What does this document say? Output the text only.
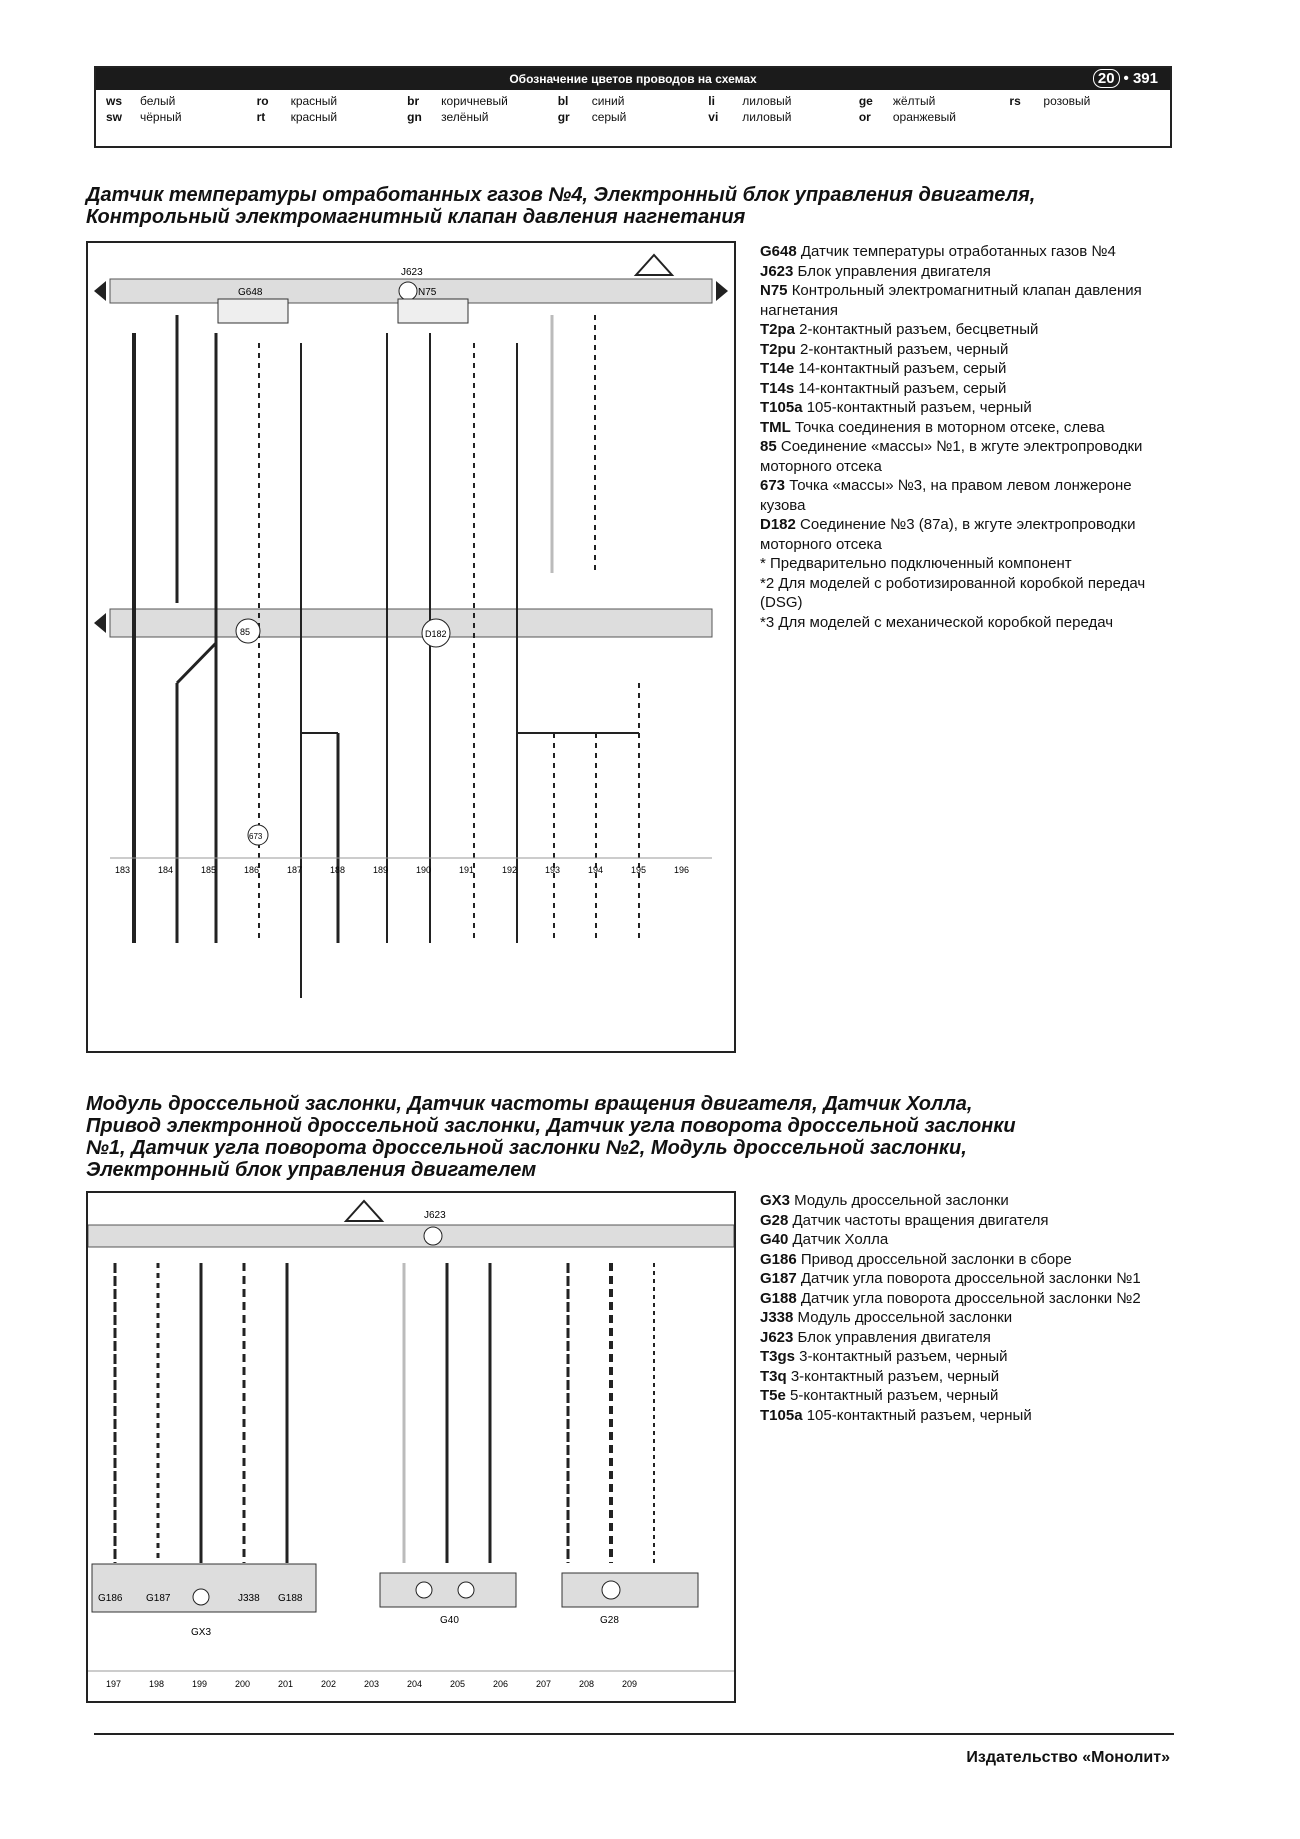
Обозначение цветов проводов на схемах	20 • 391
ws белый	ro красный	br коричневый	bl синий	li лиловый	ge жёлтый	rs розовый
sw чёрный	rt красный	gn зелёный	gr серый	vi лиловый	or оранжевый
Датчик температуры отработанных газов №4, Электронный блок управления двигателя,
Контрольный электромагнитный клапан давления нагнетания
J623
G648	N75
85	D182
673
183	184	185	186	187	188	189	190	191	192	193	194	195	196
G648 Датчик температуры отработанных газов №4
J623 Блок управления двигателя
N75 Контрольный электромагнитный клапан давления нагнетания
T2pa 2-контактный разъем, бесцветный
T2pu 2-контактный разъем, черный
T14e 14-контактный разъем, серый
T14s 14-контактный разъем, серый
T105a 105-контактный разъем, черный
TML Точка соединения в моторном отсеке, слева
85 Соединение «массы» №1, в жгуте электропроводки моторного отсека
673 Точка «массы» №3, на правом левом лонжероне кузова
D182 Соединение №3 (87a), в жгуте электропроводки моторного отсека
* Предварительно подключенный компонент
*2 Для моделей с роботизированной коробкой передач (DSG)
*3 Для моделей с механической коробкой передач
Модуль дроссельной заслонки, Датчик частоты вращения двигателя, Датчик Холла,
Привод электронной дроссельной заслонки, Датчик угла поворота дроссельной заслонки
№1, Датчик угла поворота дроссельной заслонки №2, Модуль дроссельной заслонки,
Электронный блок управления двигателем
J623
G186 G187	J338 G188
GX3
G40	G28
197	198	199	200	201	202	203	204	205	206	207	208	209
GX3 Модуль дроссельной заслонки
G28 Датчик частоты вращения двигателя
G40 Датчик Холла
G186 Привод дроссельной заслонки в сборе
G187 Датчик угла поворота дроссельной заслонки №1
G188 Датчик угла поворота дроссельной заслонки №2
J338 Модуль дроссельной заслонки
J623 Блок управления двигателя
T3gs 3-контактный разъем, черный
T3q 3-контактный разъем, черный
T5e 5-контактный разъем, черный
T105a 105-контактный разъем, черный
Издательство «Монолит»
